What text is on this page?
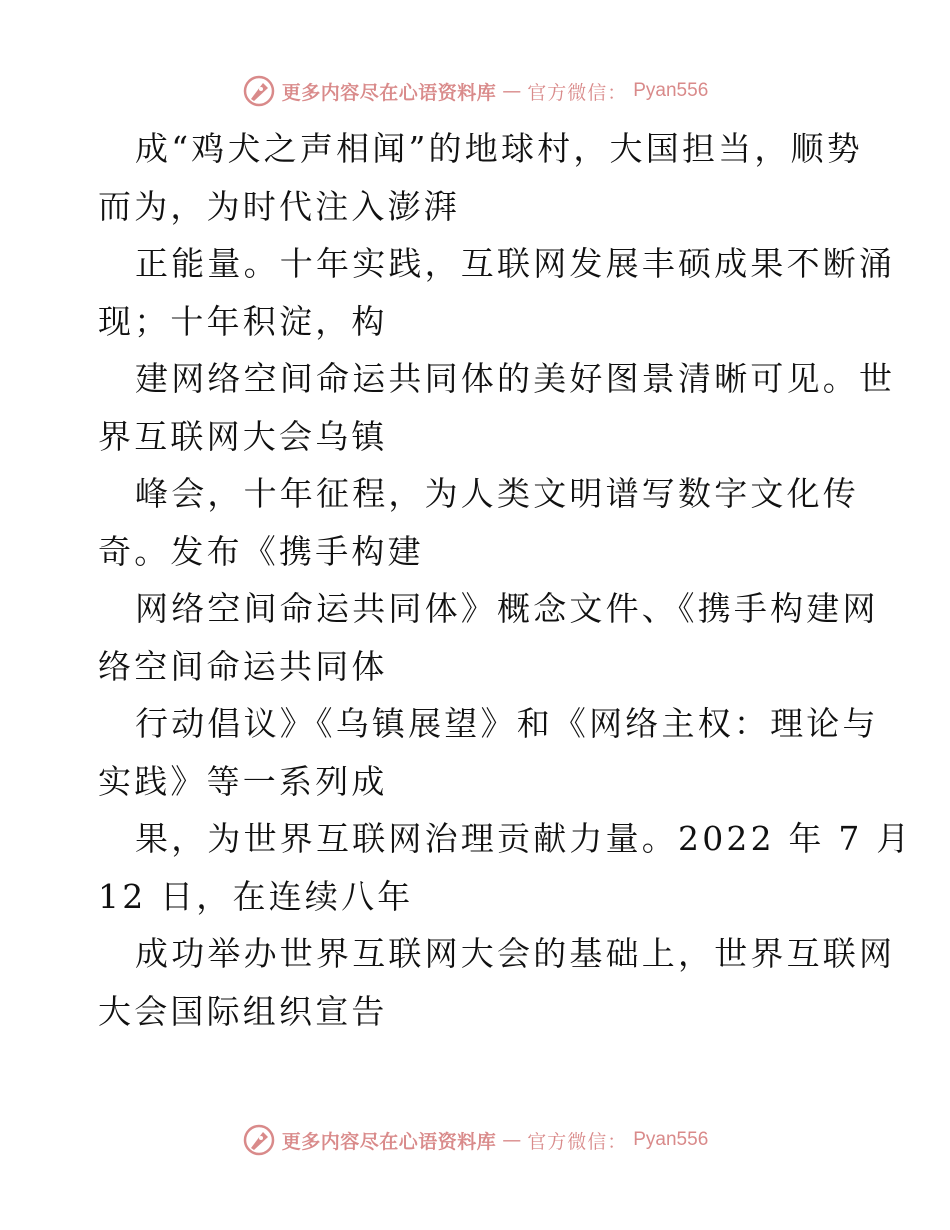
更多内容尽在心语资料库 — 官方微信： Pyan556
成“鸡犬之声相闻”的地球村，大国担当，顺势
而为，为时代注入澎湃
正能量。十年实践，互联网发展丰硕成果不断涌
现；十年积淀，构
建网络空间命运共同体的美好图景清晰可见。世
界互联网大会乌镇
峰会，十年征程，为人类文明谱写数字文化传
奇。发布《携手构建
网络空间命运共同体》概念文件、《携手构建网
络空间命运共同体
行动倡议》《乌镇展望》和《网络主权：理论与
实践》等一系列成
果，为世界互联网治理贡献力量。2022 年 7 月
12 日，在连续八年
成功举办世界互联网大会的基础上，世界互联网
大会国际组织宣告
更多内容尽在心语资料库 — 官方微信： Pyan556
